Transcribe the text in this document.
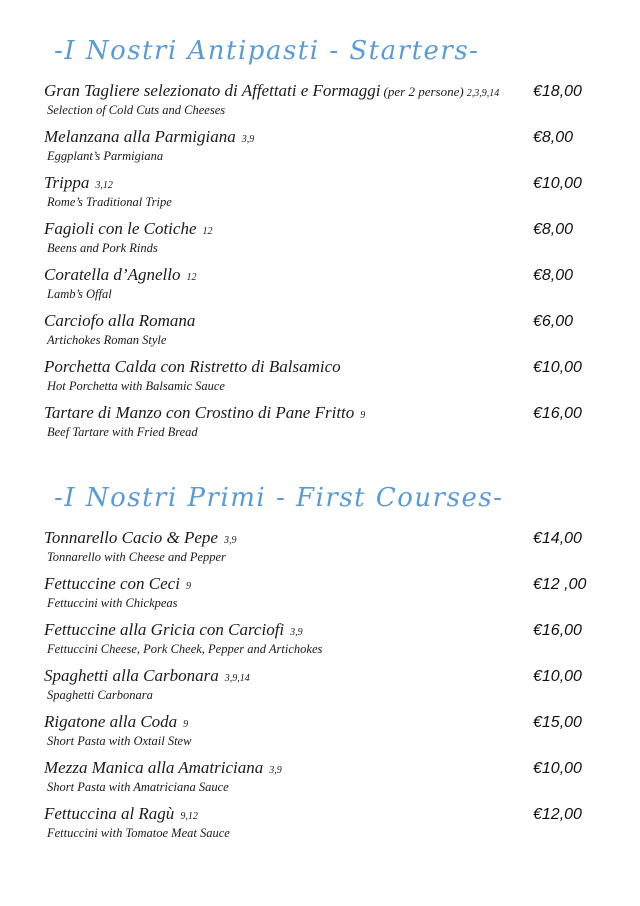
-I Nostri Antipasti - Starters-
Gran Tagliere selezionato di Affettati e Formaggi (per 2 persone) 2,3,9,14	€18,00
Selection of Cold Cuts and Cheeses
Melanzana alla Parmigiana 3,9	€8,00
Eggplant’s Parmigiana
Trippa 3,12	€10,00
Rome’s Traditional Tripe
Fagioli con le Cotiche 12	€8,00
Beens and Pork Rinds
Coratella d’Agnello 12	€8,00
Lamb’s Offal
Carciofo alla Romana	€6,00
Artichokes Roman Style
Porchetta Calda con Ristretto di Balsamico	€10,00
Hot Porchetta with Balsamic Sauce
Tartare di Manzo con Crostino di Pane Fritto 9	€16,00
Beef Tartare with Fried Bread
-I Nostri Primi - First Courses-
Tonnarello Cacio & Pepe 3,9	€14,00
Tonnarello with Cheese and Pepper
Fettuccine con Ceci 9	€12 ,00
Fettuccini with Chickpeas
Fettuccine alla Gricia con Carciofi 3,9	€16,00
Fettuccini Cheese, Pork Cheek, Pepper and Artichokes
Spaghetti alla Carbonara 3,9,14	€10,00
Spaghetti Carbonara
Rigatone alla Coda 9	€15,00
Short Pasta with Oxtail Stew
Mezza Manica alla Amatriciana 3,9	€10,00
Short Pasta with Amatriciana Sauce
Fettuccina al Ragù 9,12	€12,00
Fettuccini with Tomatoe Meat Sauce
